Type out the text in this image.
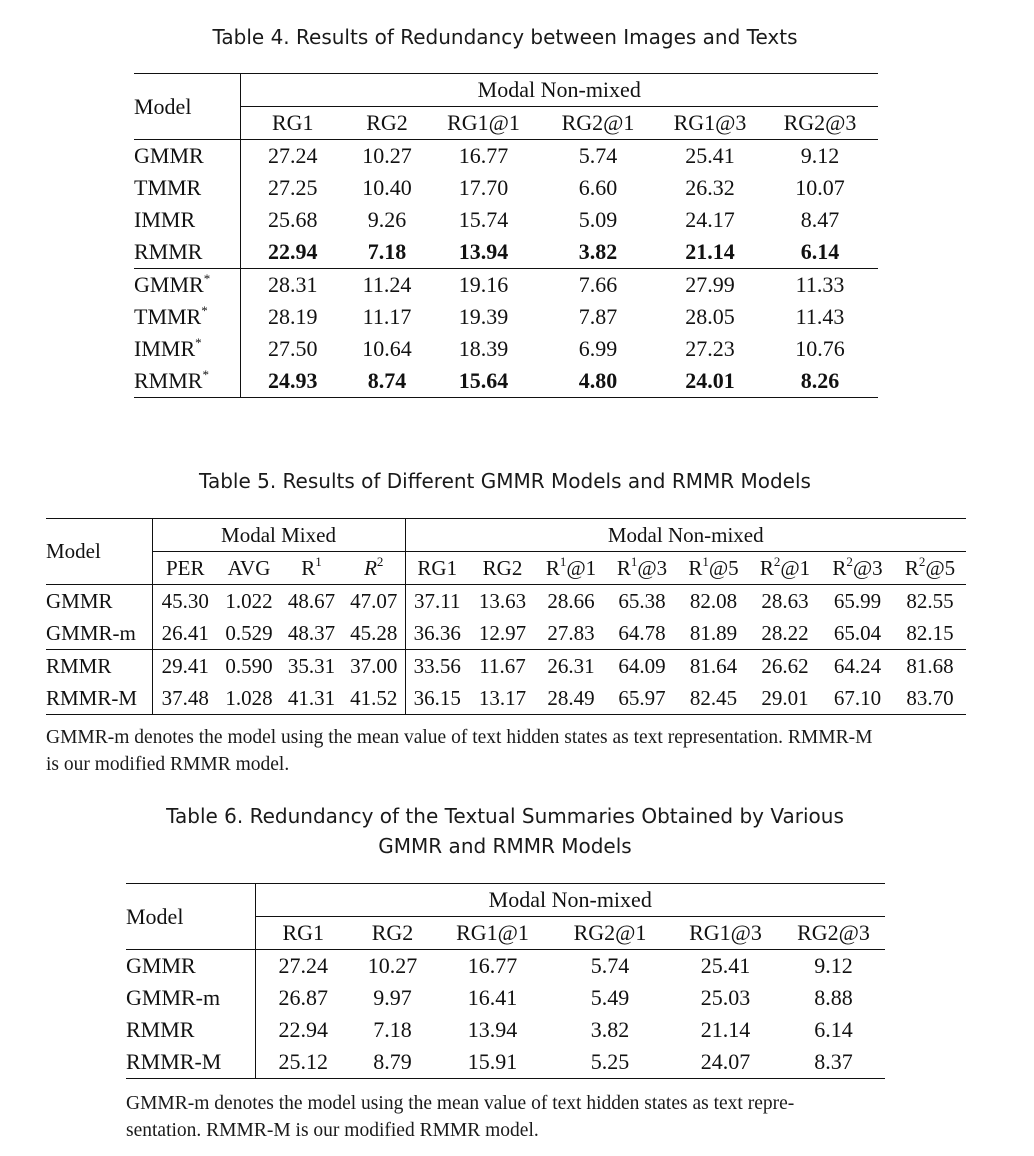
Table 4. Results of Redundancy between Images and Texts
Model	Modal Non-mixed					
	RG1	RG2	RG1@1	RG2@1	RG1@3	RG2@3
GMMR	27.24	10.27	16.77	5.74	25.41	9.12
TMMR	27.25	10.40	17.70	6.60	26.32	10.07
IMMR	25.68	9.26	15.74	5.09	24.17	8.47
RMMR	22.94	7.18	13.94	3.82	21.14	6.14
GMMR*	28.31	11.24	19.16	7.66	27.99	11.33
TMMR*	28.19	11.17	19.39	7.87	28.05	11.43
IMMR*	27.50	10.64	18.39	6.99	27.23	10.76
RMMR*	24.93	8.74	15.64	4.80	24.01	8.26
Table 5. Results of Different GMMR Models and RMMR Models
Model	Modal Mixed				Modal Non-mixed							
	PER	AVG	$R^1$	$R^2$	RG1	RG2	$R^1@1$	$R^1@3$	$R^1@5$	$R^2@1$	$R^2@3$	$R^2@5$
GMMR	45.30	1.022	48.67	47.07	37.11	13.63	28.66	65.38	82.08	28.63	65.99	82.55
GMMR-m	26.41	0.529	48.37	45.28	36.36	12.97	27.83	64.78	81.89	28.22	65.04	82.15
RMMR	29.41	0.590	35.31	37.00	33.56	11.67	26.31	64.09	81.64	26.62	64.24	81.68
RMMR-M	37.48	1.028	41.31	41.52	36.15	13.17	28.49	65.97	82.45	29.01	67.10	83.70
GMMR-m denotes the model using the mean value of text hidden states as text representation. RMMR-M
is our modified RMMR model.
Table 6. Redundancy of the Textual Summaries Obtained by Various
GMMR and RMMR Models
Model	Modal Non-mixed					
	RG1	RG2	RG1@1	RG2@1	RG1@3	RG2@3
GMMR	27.24	10.27	16.77	5.74	25.41	9.12
GMMR-m	26.87	9.97	16.41	5.49	25.03	8.88
RMMR	22.94	7.18	13.94	3.82	21.14	6.14
RMMR-M	25.12	8.79	15.91	5.25	24.07	8.37
GMMR-m denotes the model using the mean value of text hidden states as text repre-
sentation. RMMR-M is our modified RMMR model.
